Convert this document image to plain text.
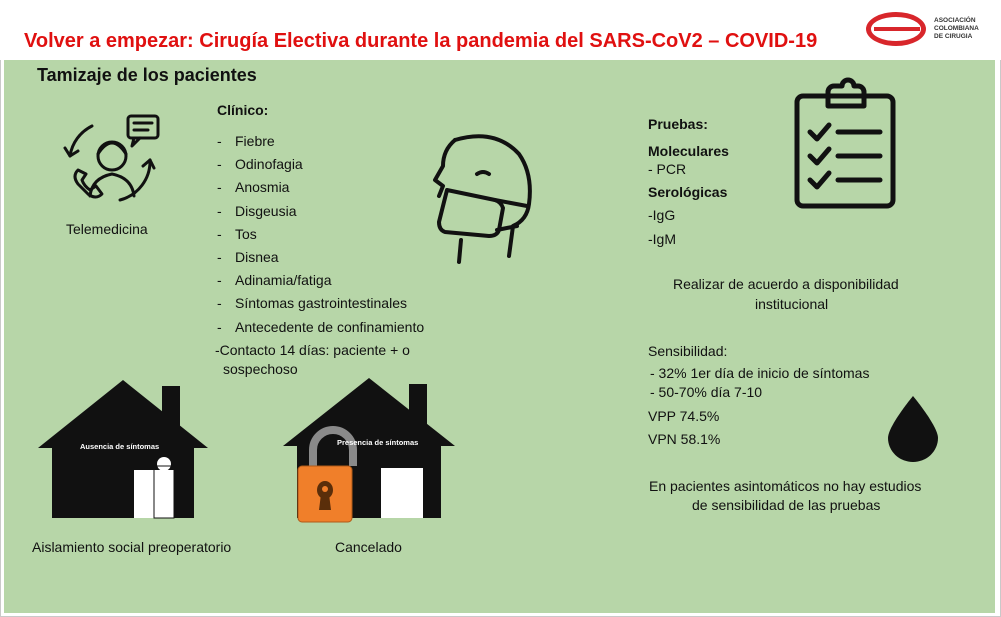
Volver a empezar: Cirugía Electiva durante la pandemia del SARS-CoV2 – COVID-19
ASOCIACIÓN
COLOMBIANA
DE CIRUGIA
Tamizaje de los pacientes
Telemedicina
Clínico:
- Fiebre
- Odinofagia
- Anosmia
- Disgeusia
- Tos
- Disnea
- Adinamia/fatiga
- Síntomas gastrointestinales
- Antecedente de confinamiento
-Contacto 14 días: paciente + o
sospechoso
Ausencia de síntomas
Aislamiento social preoperatorio
Presencia de síntomas
Cancelado
Pruebas:
Moleculares
- PCR
Serológicas
-IgG
-IgM
Realizar de acuerdo a disponibilidad
institucional
Sensibilidad:
- 32% 1er día de inicio de síntomas
- 50-70% día 7-10
VPP 74.5%
VPN 58.1%
En pacientes asintomáticos no hay estudios
de sensibilidad de las pruebas
